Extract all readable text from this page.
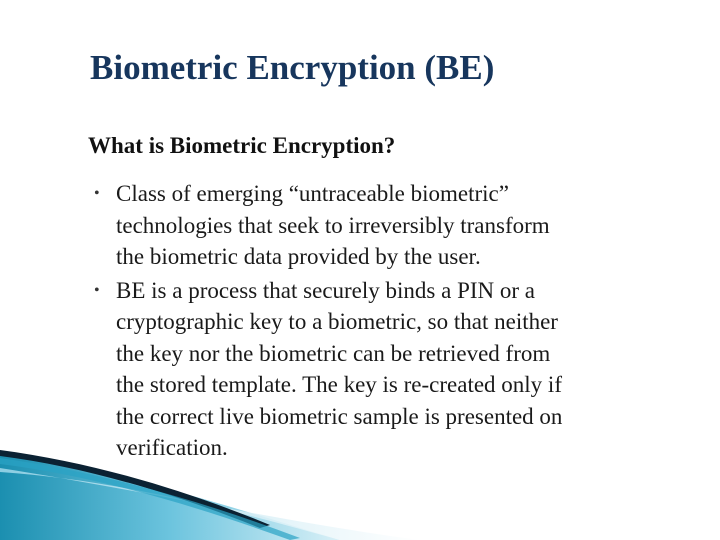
Biometric Encryption (BE)
What is Biometric Encryption?
• Class of emerging “untraceable biometric”
technologies that seek to irreversibly transform
the biometric data provided by the user.
• BE is a process that securely binds a PIN or a
cryptographic key to a biometric, so that neither
the key nor the biometric can be retrieved from
the stored template. The key is re-created only if
the correct live biometric sample is presented on
verification.
